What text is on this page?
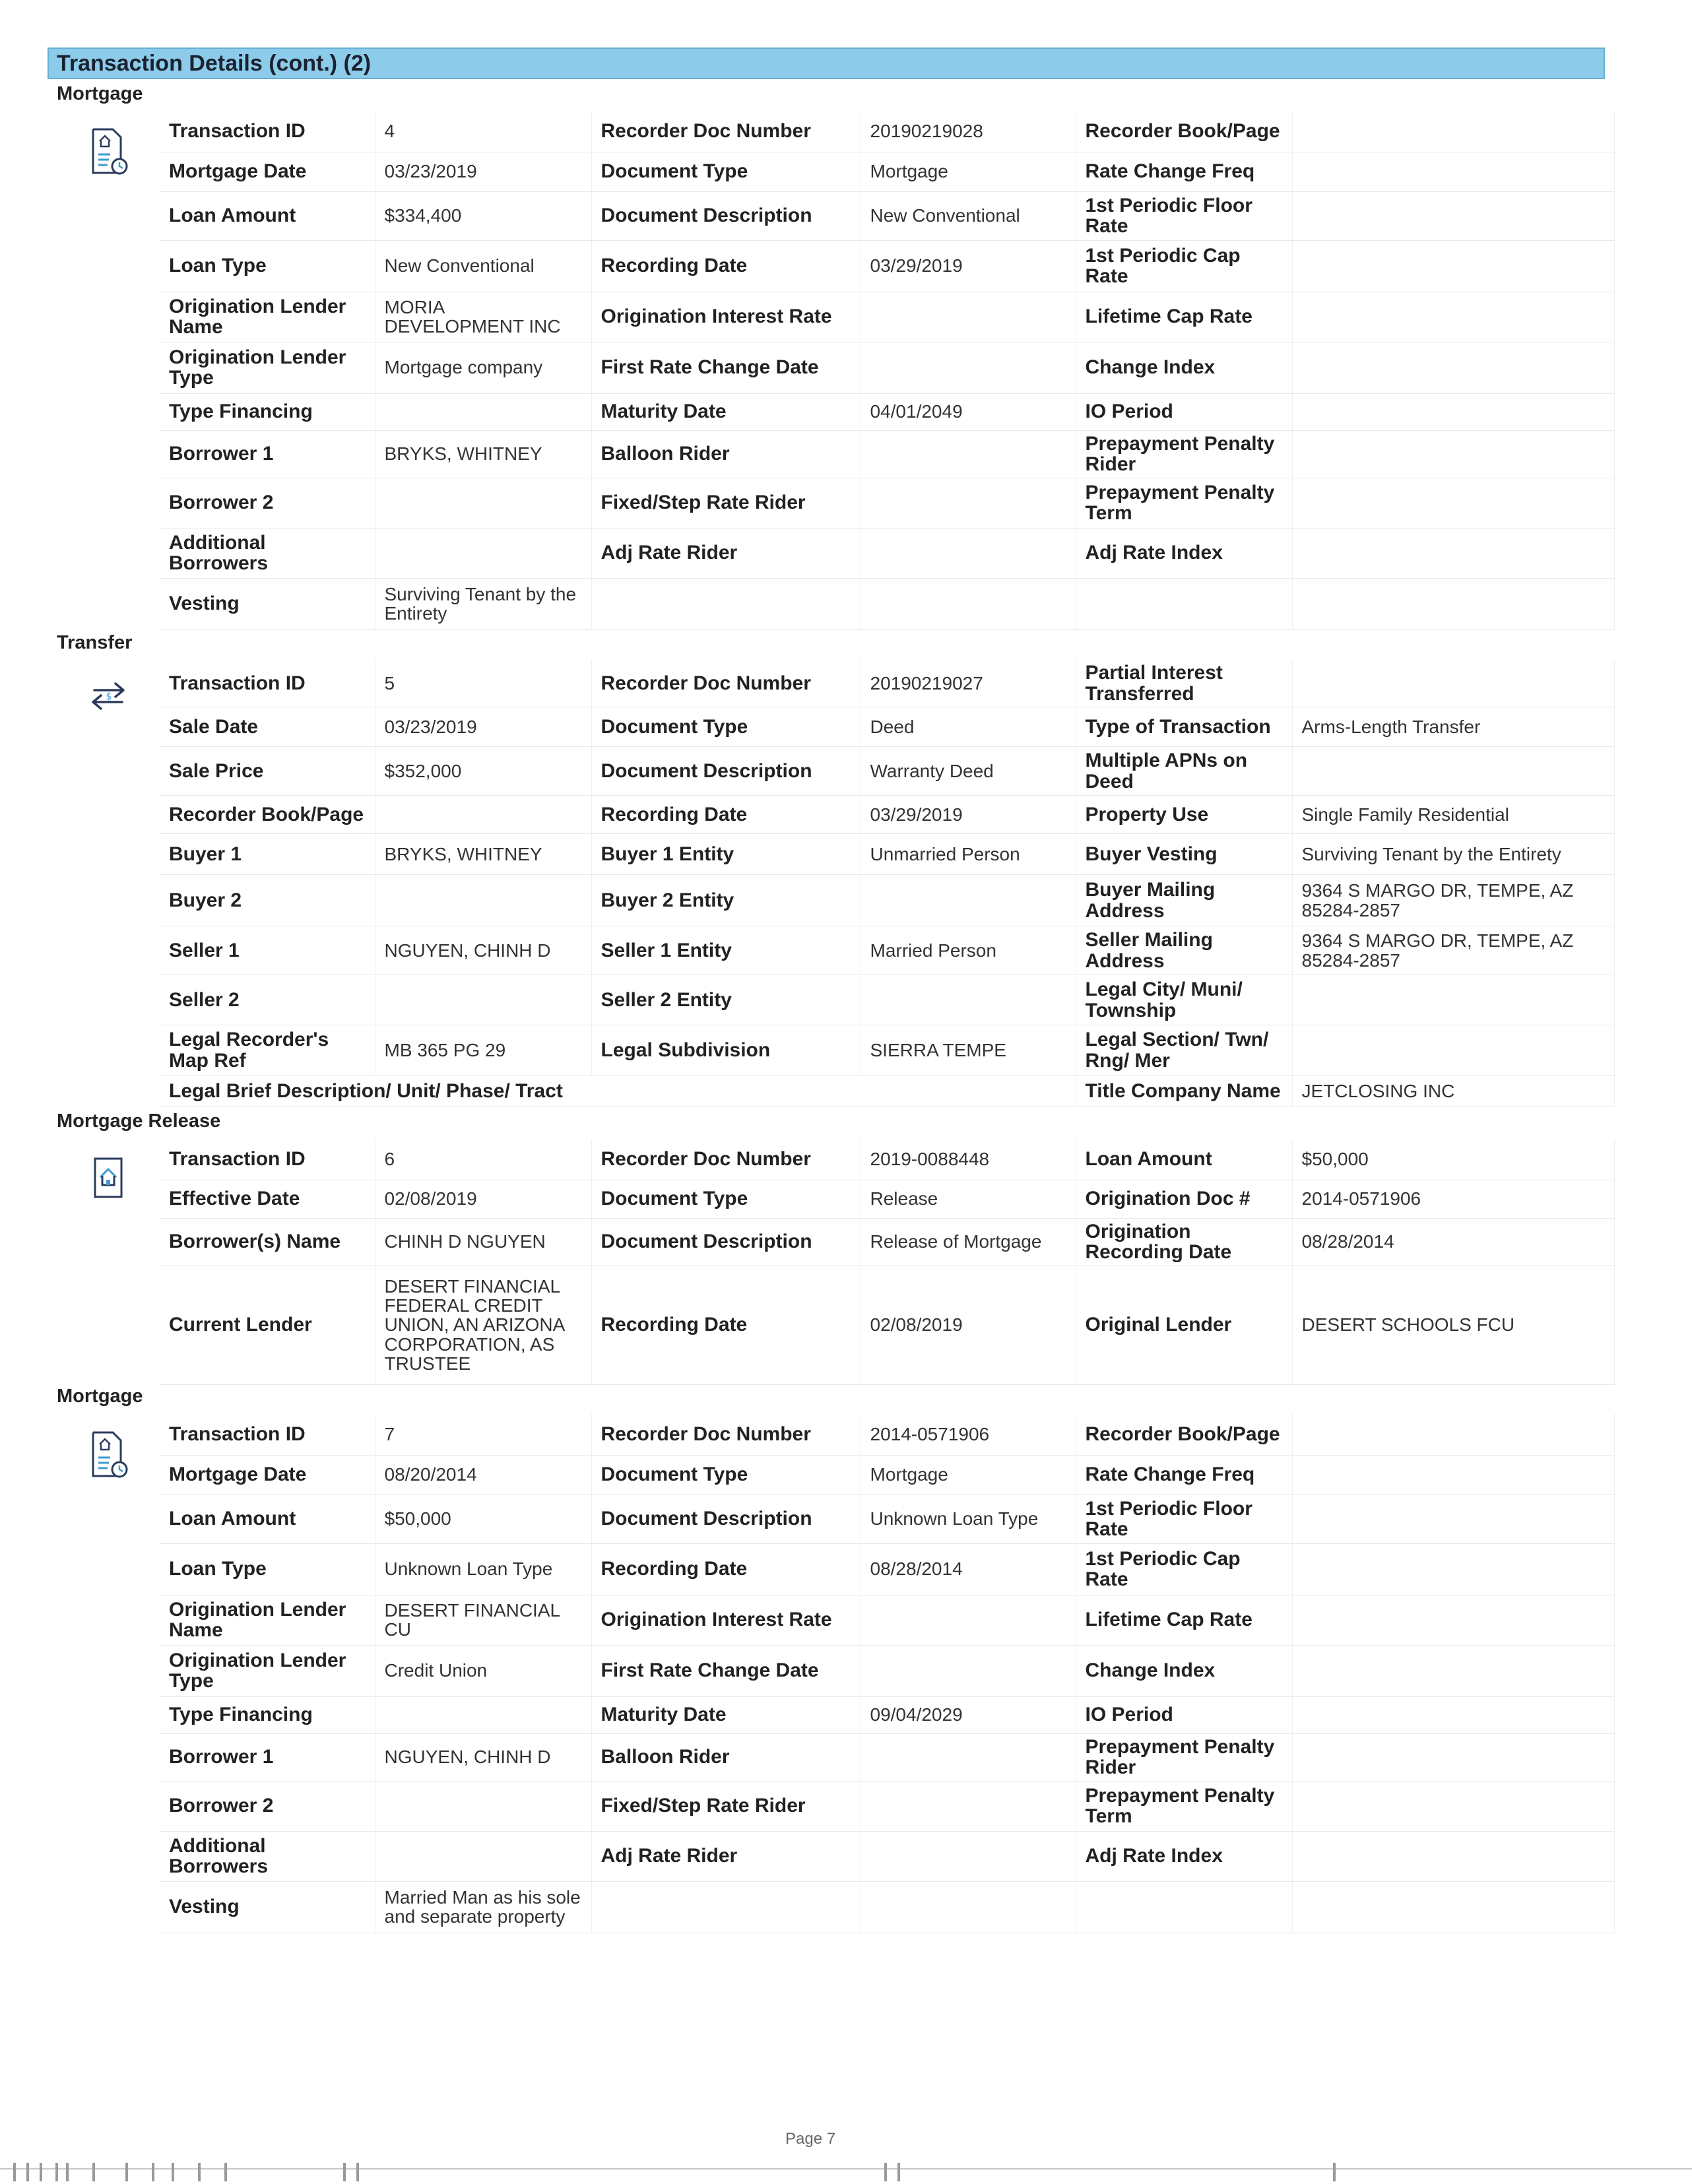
Transaction Details (cont.) (2)
Mortgage
	Transaction ID	4	Recorder Doc Number	20190219028	Recorder Book/Page	
	Mortgage Date	03/23/2019	Document Type	Mortgage	Rate Change Freq	
	Loan Amount	$334,400	Document Description	New Conventional	1st Periodic Floor Rate	
	Loan Type	New Conventional	Recording Date	03/29/2019	1st Periodic Cap Rate	
	Origination Lender Name	MORIA DEVELOPMENT INC	Origination Interest Rate		Lifetime Cap Rate	
	Origination Lender Type	Mortgage company	First Rate Change Date		Change Index	
	Type Financing		Maturity Date	04/01/2049	IO Period	
	Borrower 1	BRYKS, WHITNEY	Balloon Rider		Prepayment Penalty Rider	
	Borrower 2		Fixed/Step Rate Rider		Prepayment Penalty Term	
	Additional Borrowers		Adj Rate Rider		Adj Rate Index	
	Vesting	Surviving Tenant by the Entirety				
Transfer
$	Transaction ID	5	Recorder Doc Number	20190219027	Partial Interest Transferred	
	Sale Date	03/23/2019	Document Type	Deed	Type of Transaction	Arms-Length Transfer
	Sale Price	$352,000	Document Description	Warranty Deed	Multiple APNs on Deed	
	Recorder Book/Page		Recording Date	03/29/2019	Property Use	Single Family Residential
	Buyer 1	BRYKS, WHITNEY	Buyer 1 Entity	Unmarried Person	Buyer Vesting	Surviving Tenant by the Entirety
	Buyer 2		Buyer 2 Entity		Buyer Mailing Address	9364 S MARGO DR, TEMPE, AZ 85284-2857
	Seller 1	NGUYEN, CHINH D	Seller 1 Entity	Married Person	Seller Mailing Address	9364 S MARGO DR, TEMPE, AZ 85284-2857
	Seller 2		Seller 2 Entity		Legal City/ Muni/ Township	
	Legal Recorder's Map Ref	MB 365 PG 29	Legal Subdivision	SIERRA TEMPE	Legal Section/ Twn/ Rng/ Mer	
	Legal Brief Description/ Unit/ Phase/ Tract				Title Company Name	JETCLOSING INC
Mortgage Release
	Transaction ID	6	Recorder Doc Number	2019-0088448	Loan Amount	$50,000
	Effective Date	02/08/2019	Document Type	Release	Origination Doc #	2014-0571906
	Borrower(s) Name	CHINH D NGUYEN	Document Description	Release of Mortgage	Origination Recording Date	08/28/2014
	Current Lender	DESERT FINANCIAL FEDERAL CREDIT UNION, AN ARIZONA CORPORATION, AS TRUSTEE	Recording Date	02/08/2019	Original Lender	DESERT SCHOOLS FCU
Mortgage
	Transaction ID	7	Recorder Doc Number	2014-0571906	Recorder Book/Page	
	Mortgage Date	08/20/2014	Document Type	Mortgage	Rate Change Freq	
	Loan Amount	$50,000	Document Description	Unknown Loan Type	1st Periodic Floor Rate	
	Loan Type	Unknown Loan Type	Recording Date	08/28/2014	1st Periodic Cap Rate	
	Origination Lender Name	DESERT FINANCIAL CU	Origination Interest Rate		Lifetime Cap Rate	
	Origination Lender Type	Credit Union	First Rate Change Date		Change Index	
	Type Financing		Maturity Date	09/04/2029	IO Period	
	Borrower 1	NGUYEN, CHINH D	Balloon Rider		Prepayment Penalty Rider	
	Borrower 2		Fixed/Step Rate Rider		Prepayment Penalty Term	
	Additional Borrowers		Adj Rate Rider		Adj Rate Index	
	Vesting	Married Man as his sole and separate property				
Page 7
